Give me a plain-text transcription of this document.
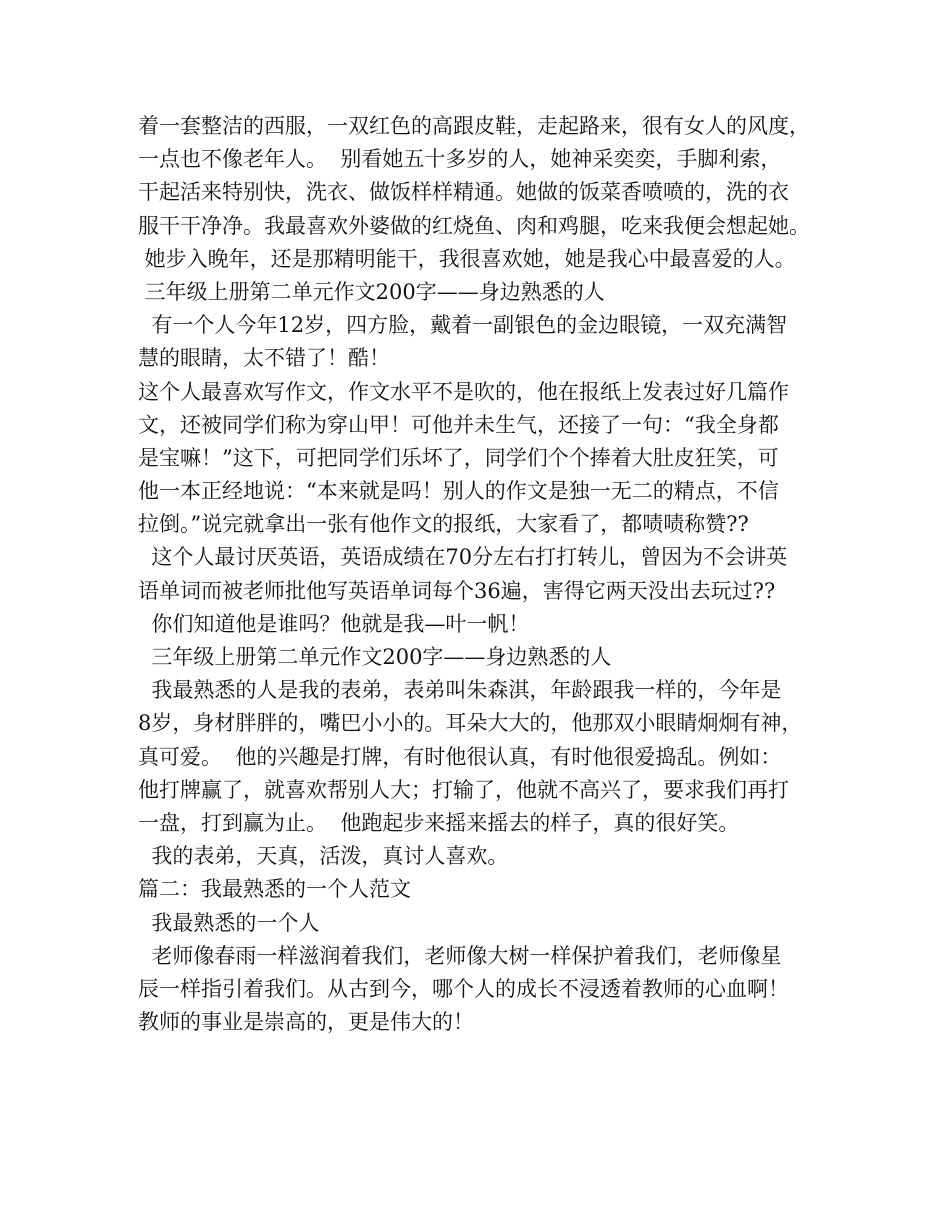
着一套整洁的西服，一双红色的高跟皮鞋，走起路来，很有女人的风度，
一点也不像老年人。  别看她五十多岁的人，她神采奕奕，手脚利索，
干起活来特别快，洗衣、做饭样样精通。她做的饭菜香喷喷的，洗的衣
服干干净净。我最喜欢外婆做的红烧鱼、肉和鸡腿，吃来我便会想起她。
她步入晚年，还是那精明能干，我很喜欢她，她是我心中最喜爱的人。
三年级上册第二单元作文200字——身边熟悉的人
有一个人今年12岁，四方脸，戴着一副银色的金边眼镜，一双充满智
慧的眼睛，太不错了！酷！
这个人最喜欢写作文，作文水平不是吹的，他在报纸上发表过好几篇作
文，还被同学们称为穿山甲！可他并未生气，还接了一句：“我全身都
是宝嘛！”这下，可把同学们乐坏了，同学们个个捧着大肚皮狂笑，可
他一本正经地说：“本来就是吗！别人的作文是独一无二的精点，不信
拉倒。”说完就拿出一张有他作文的报纸，大家看了，都啧啧称赞??
这个人最讨厌英语，英语成绩在70分左右打打转儿，曾因为不会讲英
语单词而被老师批他写英语单词每个36遍，害得它两天没出去玩过??
你们知道他是谁吗？他就是我—叶一帆！
三年级上册第二单元作文200字——身边熟悉的人
我最熟悉的人是我的表弟，表弟叫朱森淇，年龄跟我一样的，今年是
8岁，身材胖胖的，嘴巴小小的。耳朵大大的，他那双小眼睛炯炯有神，
真可爱。  他的兴趣是打牌，有时他很认真，有时他很爱捣乱。例如：
他打牌赢了，就喜欢帮别人大；打输了，他就不高兴了，要求我们再打
一盘，打到赢为止。  他跑起步来摇来摇去的样子，真的很好笑。
我的表弟，天真，活泼，真讨人喜欢。
篇二：我最熟悉的一个人范文
我最熟悉的一个人
老师像春雨一样滋润着我们，老师像大树一样保护着我们，老师像星
辰一样指引着我们。从古到今，哪个人的成长不浸透着教师的心血啊！
教师的事业是崇高的，更是伟大的！
